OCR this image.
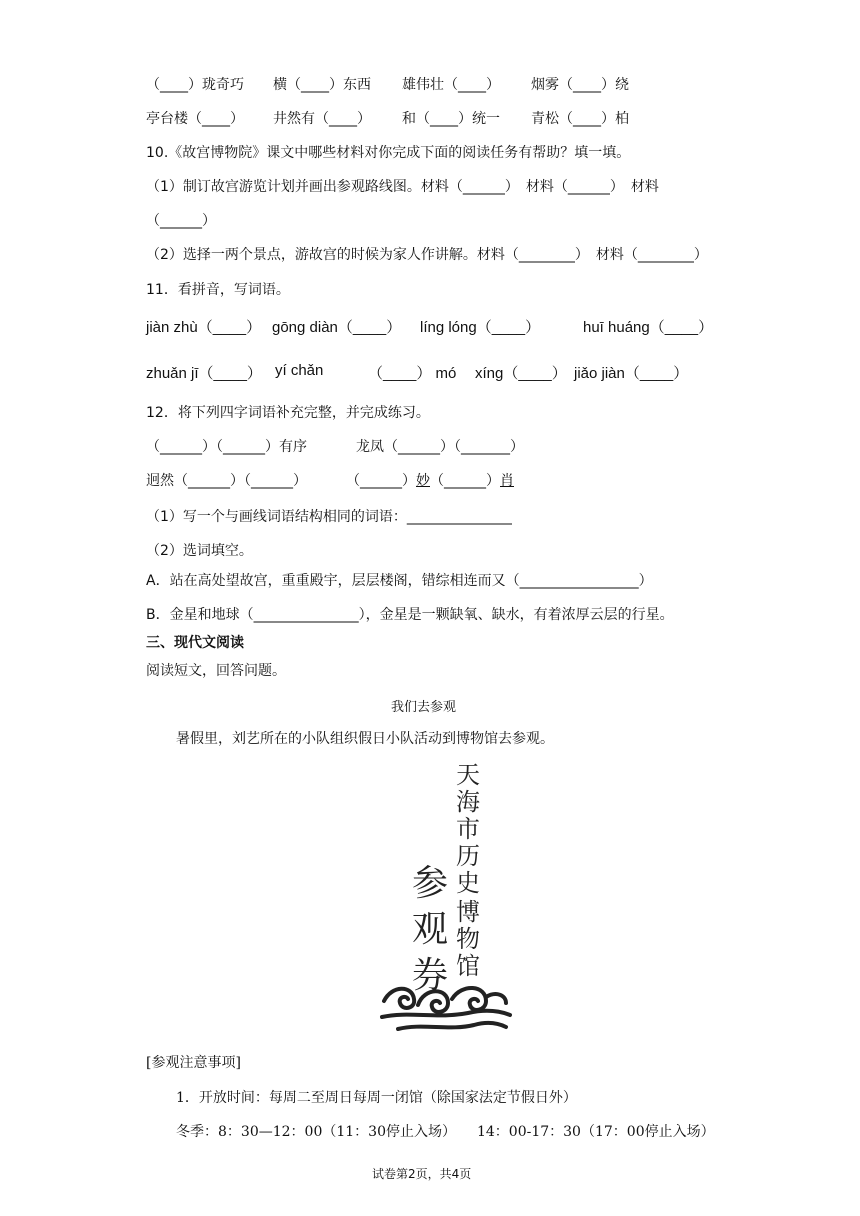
（____）珑奇巧 横（____）东西 雄伟壮（____） 烟雾（____）绕
亭台楼（____） 井然有（____） 和（____）统一 青松（____）柏
10.《故宫博物院》课文中哪些材料对你完成下面的阅读任务有帮助？填一填。
（1）制订故宫游览计划并画出参观路线图。材料（______）　材料（______）　材料
（______）
（2）选择一两个景点，游故宫的时候为家人作讲解。材料（________）　材料（________）
11．看拼音，写词语。
jiàn zhù（____） gōng diàn（____） líng lóng（____）	huī huáng（____）
zhuǎn jī（____） yí chǎn	（____） mó xíng（____） jiǎo jiàn（____）
12．将下列四字词语补充完整，并完成练习。
（______）（______）有序	龙凤（______）（_______）
迥然（______）（______）	（______）妙（______）肖
（1）写一个与画线词语结构相同的词语：_______________
（2）选词填空。
A．站在高处望故宫，重重殿宇，层层楼阁，错综相连而又（_________________）
B．金星和地球（_______________），金星是一颗缺氧、缺水，有着浓厚云层的行星。
三、现代文阅读
阅读短文，回答问题。
我们去参观
暑假里，刘艺所在的小队组织假日小队活动到博物馆去参观。
天
海
市
历
史
博
物
馆
参
观
券
[参观注意事项]
1．开放时间：每周二至周日每周一闭馆（除国家法定节假日外）
冬季：8：30—12：00（11：30停止入场）　　14：00-17：30（17：00停止入场）
试卷第2页，共4页
